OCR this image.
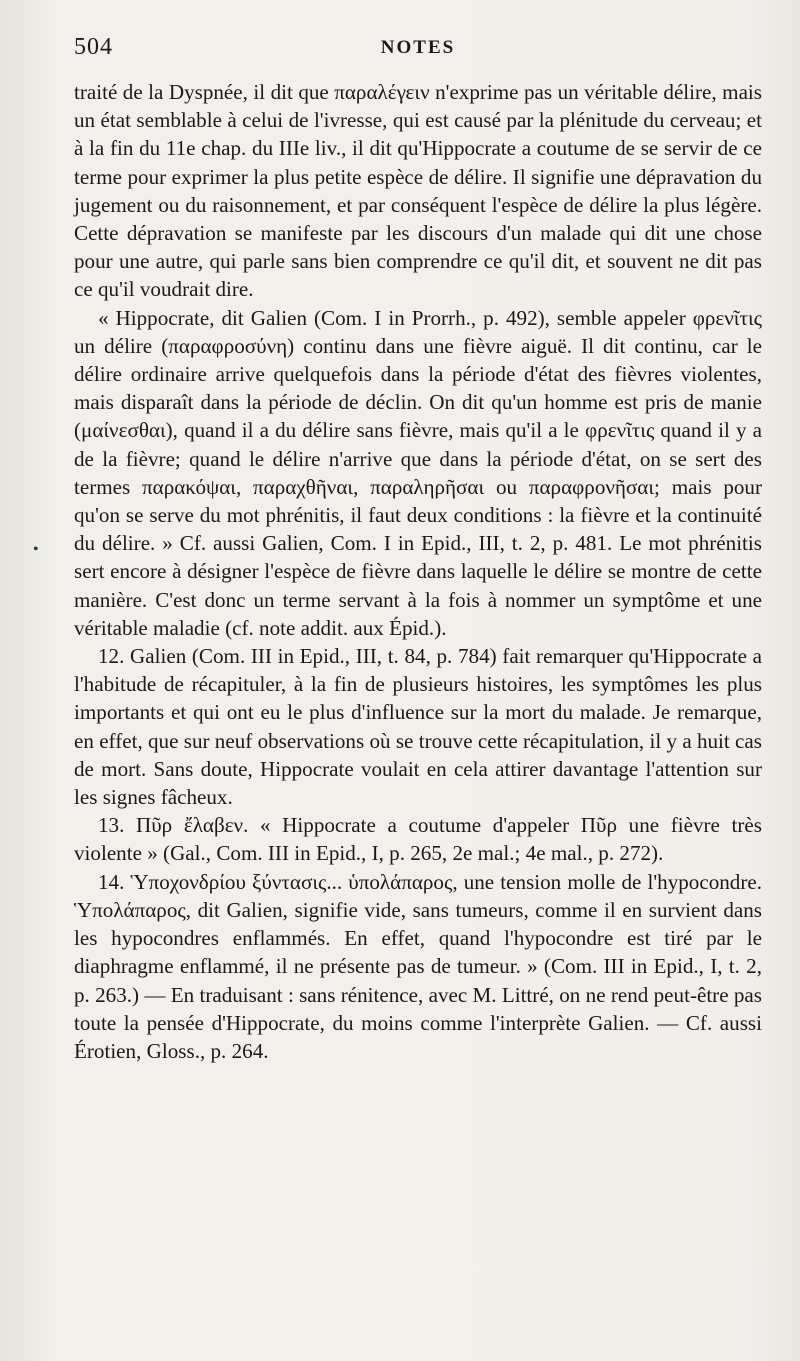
504	NOTES
•

traité de la Dyspnée, il dit que παραλέγειν n'exprime pas un véritable délire, mais un état semblable à celui de l'ivresse, qui est causé par la plénitude du cerveau; et à la fin du 11e chap. du IIIe liv., il dit qu'Hippocrate a coutume de se servir de ce terme pour exprimer la plus petite espèce de délire. Il signifie une dépravation du jugement ou du raisonnement, et par conséquent l'espèce de délire la plus légère. Cette dépravation se manifeste par les discours d'un malade qui dit une chose pour une autre, qui parle sans bien comprendre ce qu'il dit, et souvent ne dit pas ce qu'il voudrait dire.

« Hippocrate, dit Galien (Com. I in Prorrh., p. 492), semble appeler φρενῖτις un délire (παραφροσύνη) continu dans une fièvre aiguë. Il dit continu, car le délire ordinaire arrive quelquefois dans la période d'état des fièvres violentes, mais disparaît dans la période de déclin. On dit qu'un homme est pris de manie (μαίνεσθαι), quand il a du délire sans fièvre, mais qu'il a le φρενῖτις quand il y a de la fièvre; quand le délire n'arrive que dans la période d'état, on se sert des termes παρακόψαι, παραχθῆναι, παραληρῆσαι ou παραφρονῆσαι; mais pour qu'on se serve du mot phrénitis, il faut deux conditions : la fièvre et la continuité du délire. » Cf. aussi Galien, Com. I in Epid., III, t. 2, p. 481. Le mot phrénitis sert encore à désigner l'espèce de fièvre dans laquelle le délire se montre de cette manière. C'est donc un terme servant à la fois à nommer un symptôme et une véritable maladie (cf. note addit. aux Épid.).

12. Galien (Com. III in Epid., III, t. 84, p. 784) fait remarquer qu'Hippocrate a l'habitude de récapituler, à la fin de plusieurs histoires, les symptômes les plus importants et qui ont eu le plus d'influence sur la mort du malade. Je remarque, en effet, que sur neuf observations où se trouve cette récapitulation, il y a huit cas de mort. Sans doute, Hippocrate voulait en cela attirer davantage l'attention sur les signes fâcheux.

13. Πῦρ ἔλαβεν. « Hippocrate a coutume d'appeler Πῦρ une fièvre très violente » (Gal., Com. III in Epid., I, p. 265, 2e mal.; 4e mal., p. 272).

14. Ὑποχονδρίου ξύντασις... ὑπολάπαρος, une tension molle de l'hypocondre. Ὑπολάπαρος, dit Galien, signifie vide, sans tumeurs, comme il en survient dans les hypocondres enflammés. En effet, quand l'hypocondre est tiré par le diaphragme enflammé, il ne présente pas de tumeur. » (Com. III in Epid., I, t. 2, p. 263.) — En traduisant : sans rénitence, avec M. Littré, on ne rend peut-être pas toute la pensée d'Hippocrate, du moins comme l'interprète Galien. — Cf. aussi Érotien, Gloss., p. 264.
